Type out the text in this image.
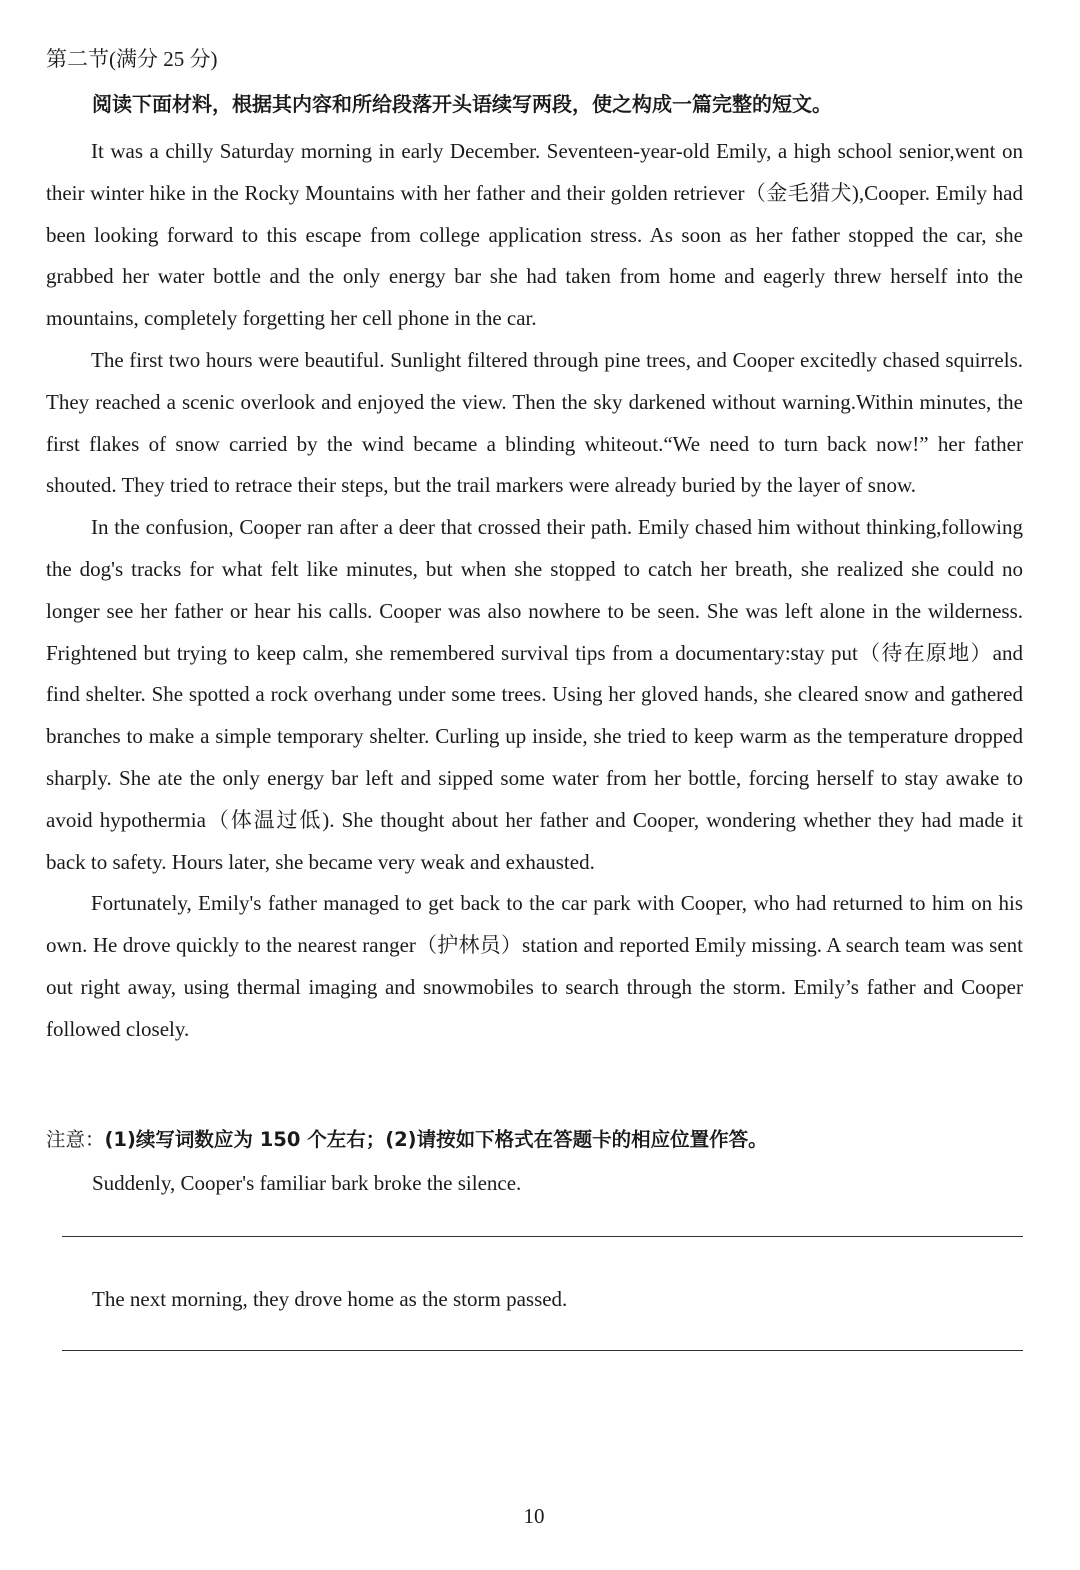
第二节(满分 25 分)

阅读下面材料，根据其内容和所给段落开头语续写两段，使之构成一篇完整的短文。

It was a chilly Saturday morning in early December. Seventeen-year-old Emily, a high school senior,went on their winter hike in the Rocky Mountains with her father and their golden retriever（金毛猎犬),Cooper. Emily had been looking forward to this escape from college application stress. As soon as her father stopped the car, she grabbed her water bottle and the only energy bar she had taken from home and eagerly threw herself into the mountains, completely forgetting her cell phone in the car.

The first two hours were beautiful. Sunlight filtered through pine trees, and Cooper excitedly chased squirrels. They reached a scenic overlook and enjoyed the view. Then the sky darkened without warning.Within minutes, the first flakes of snow carried by the wind became a blinding whiteout.“We need to turn back now!” her father shouted. They tried to retrace their steps, but the trail markers were already buried by the layer of snow.

In the confusion, Cooper ran after a deer that crossed their path. Emily chased him without thinking,following the dog's tracks for what felt like minutes, but when she stopped to catch her breath, she realized she could no longer see her father or hear his calls. Cooper was also nowhere to be seen. She was left alone in the wilderness. Frightened but trying to keep calm, she remembered survival tips from a documentary:stay put（待在原地）and find shelter. She spotted a rock overhang under some trees. Using her gloved hands, she cleared snow and gathered branches to make a simple temporary shelter. Curling up inside, she tried to keep warm as the temperature dropped sharply. She ate the only energy bar left and sipped some water from her bottle, forcing herself to stay awake to avoid hypothermia（体温过低). She thought about her father and Cooper, wondering whether they had made it back to safety. Hours later, she became very weak and exhausted.

Fortunately, Emily's father managed to get back to the car park with Cooper, who had returned to him on his own. He drove quickly to the nearest ranger（护林员）station and reported Emily missing. A search team was sent out right away, using thermal imaging and snowmobiles to search through the storm. Emily’s father and Cooper followed closely.

注意：(1)续写词数应为 150 个左右；(2)请按如下格式在答题卡的相应位置作答。

Suddenly, Cooper's familiar bark broke the silence.

The next morning, they drove home as the storm passed.

10
